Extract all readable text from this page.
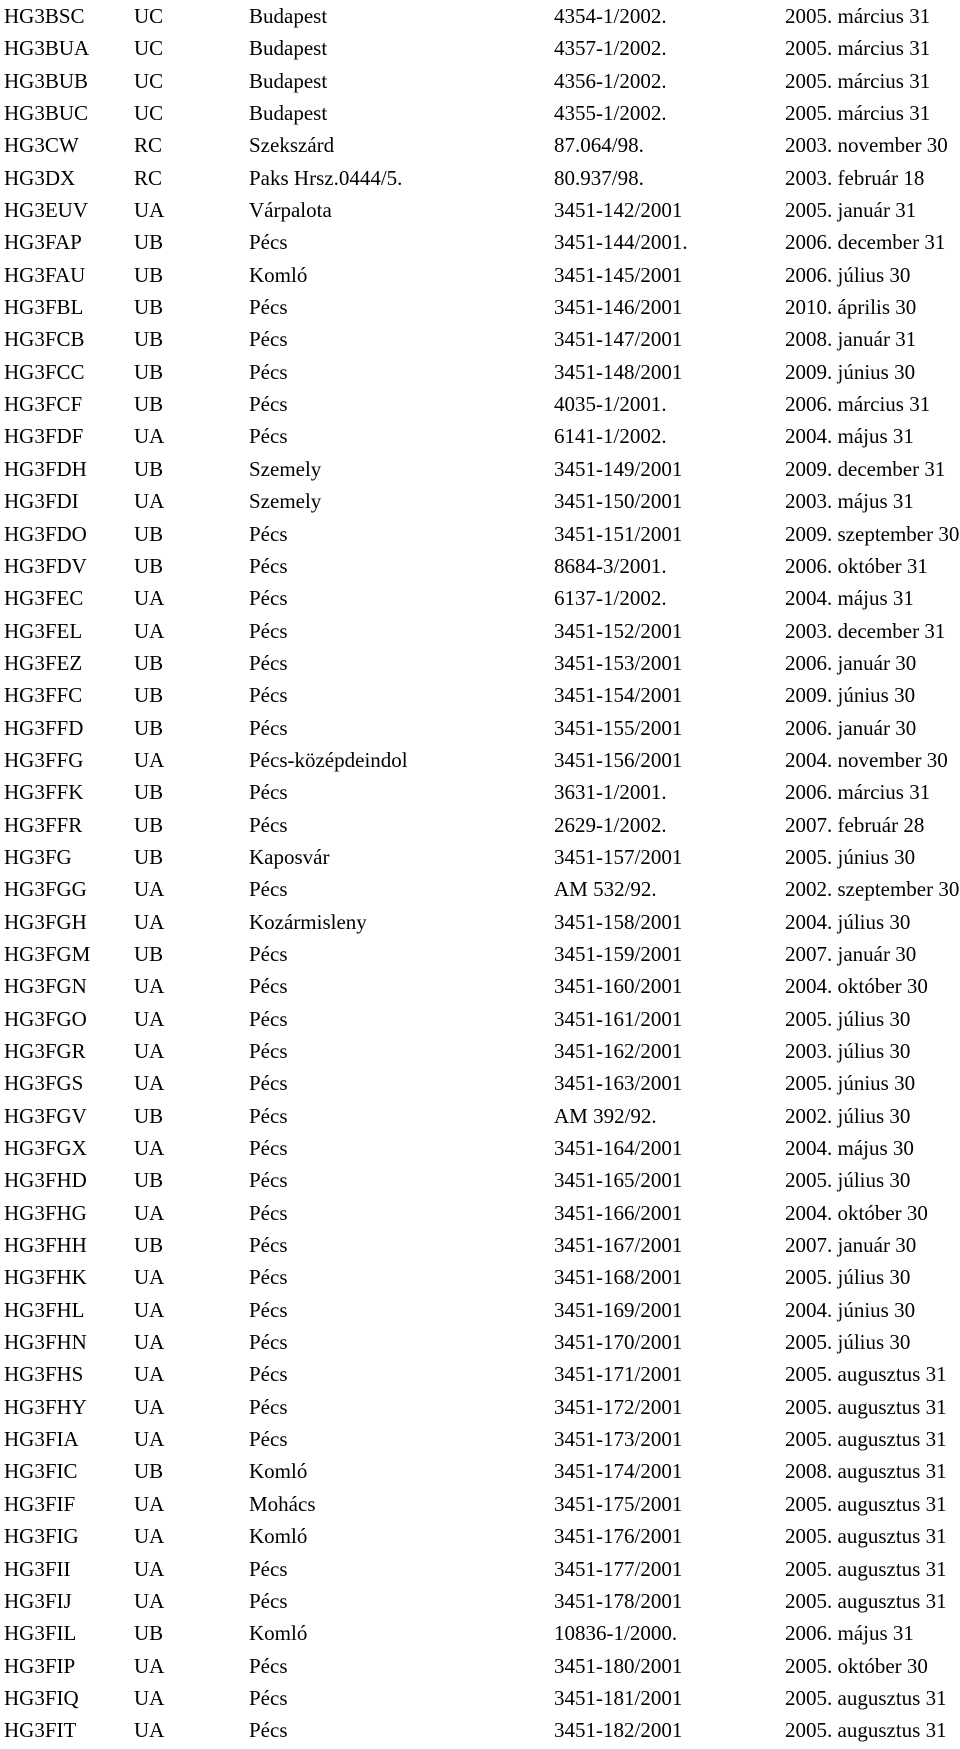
HG3BSC	UC	Budapest	4354-1/2002.	2005. március 31
HG3BUA	UC	Budapest	4357-1/2002.	2005. március 31
HG3BUB	UC	Budapest	4356-1/2002.	2005. március 31
HG3BUC	UC	Budapest	4355-1/2002.	2005. március 31
HG3CW	RC	Szekszárd	87.064/98.	2003. november 30
HG3DX	RC	Paks Hrsz.0444/5.	80.937/98.	2003. február 18
HG3EUV	UA	Várpalota	3451-142/2001	2005. január 31
HG3FAP	UB	Pécs	3451-144/2001.	2006. december 31
HG3FAU	UB	Komló	3451-145/2001	2006. július 30
HG3FBL	UB	Pécs	3451-146/2001	2010. április 30
HG3FCB	UB	Pécs	3451-147/2001	2008. január 31
HG3FCC	UB	Pécs	3451-148/2001	2009. június 30
HG3FCF	UB	Pécs	4035-1/2001.	2006. március 31
HG3FDF	UA	Pécs	6141-1/2002.	2004. május 31
HG3FDH	UB	Szemely	3451-149/2001	2009. december 31
HG3FDI	UA	Szemely	3451-150/2001	2003. május 31
HG3FDO	UB	Pécs	3451-151/2001	2009. szeptember 30
HG3FDV	UB	Pécs	8684-3/2001.	2006. október 31
HG3FEC	UA	Pécs	6137-1/2002.	2004. május 31
HG3FEL	UA	Pécs	3451-152/2001	2003. december 31
HG3FEZ	UB	Pécs	3451-153/2001	2006. január 30
HG3FFC	UB	Pécs	3451-154/2001	2009. június 30
HG3FFD	UB	Pécs	3451-155/2001	2006. január 30
HG3FFG	UA	Pécs-középdeindol	3451-156/2001	2004. november 30
HG3FFK	UB	Pécs	3631-1/2001.	2006. március 31
HG3FFR	UB	Pécs	2629-1/2002.	2007. február 28
HG3FG	UB	Kaposvár	3451-157/2001	2005. június 30
HG3FGG	UA	Pécs	AM 532/92.	2002. szeptember 30
HG3FGH	UA	Kozármisleny	3451-158/2001	2004. július 30
HG3FGM	UB	Pécs	3451-159/2001	2007. január 30
HG3FGN	UA	Pécs	3451-160/2001	2004. október 30
HG3FGO	UA	Pécs	3451-161/2001	2005. július 30
HG3FGR	UA	Pécs	3451-162/2001	2003. július 30
HG3FGS	UA	Pécs	3451-163/2001	2005. június 30
HG3FGV	UB	Pécs	AM 392/92.	2002. július 30
HG3FGX	UA	Pécs	3451-164/2001	2004. május 30
HG3FHD	UB	Pécs	3451-165/2001	2005. július 30
HG3FHG	UA	Pécs	3451-166/2001	2004. október 30
HG3FHH	UB	Pécs	3451-167/2001	2007. január 30
HG3FHK	UA	Pécs	3451-168/2001	2005. július 30
HG3FHL	UA	Pécs	3451-169/2001	2004. június 30
HG3FHN	UA	Pécs	3451-170/2001	2005. július 30
HG3FHS	UA	Pécs	3451-171/2001	2005. augusztus 31
HG3FHY	UA	Pécs	3451-172/2001	2005. augusztus 31
HG3FIA	UA	Pécs	3451-173/2001	2005. augusztus 31
HG3FIC	UB	Komló	3451-174/2001	2008. augusztus 31
HG3FIF	UA	Mohács	3451-175/2001	2005. augusztus 31
HG3FIG	UA	Komló	3451-176/2001	2005. augusztus 31
HG3FII	UA	Pécs	3451-177/2001	2005. augusztus 31
HG3FIJ	UA	Pécs	3451-178/2001	2005. augusztus 31
HG3FIL	UB	Komló	10836-1/2000.	2006. május 31
HG3FIP	UA	Pécs	3451-180/2001	2005. október 30
HG3FIQ	UA	Pécs	3451-181/2001	2005. augusztus 31
HG3FIT	UA	Pécs	3451-182/2001	2005. augusztus 31
